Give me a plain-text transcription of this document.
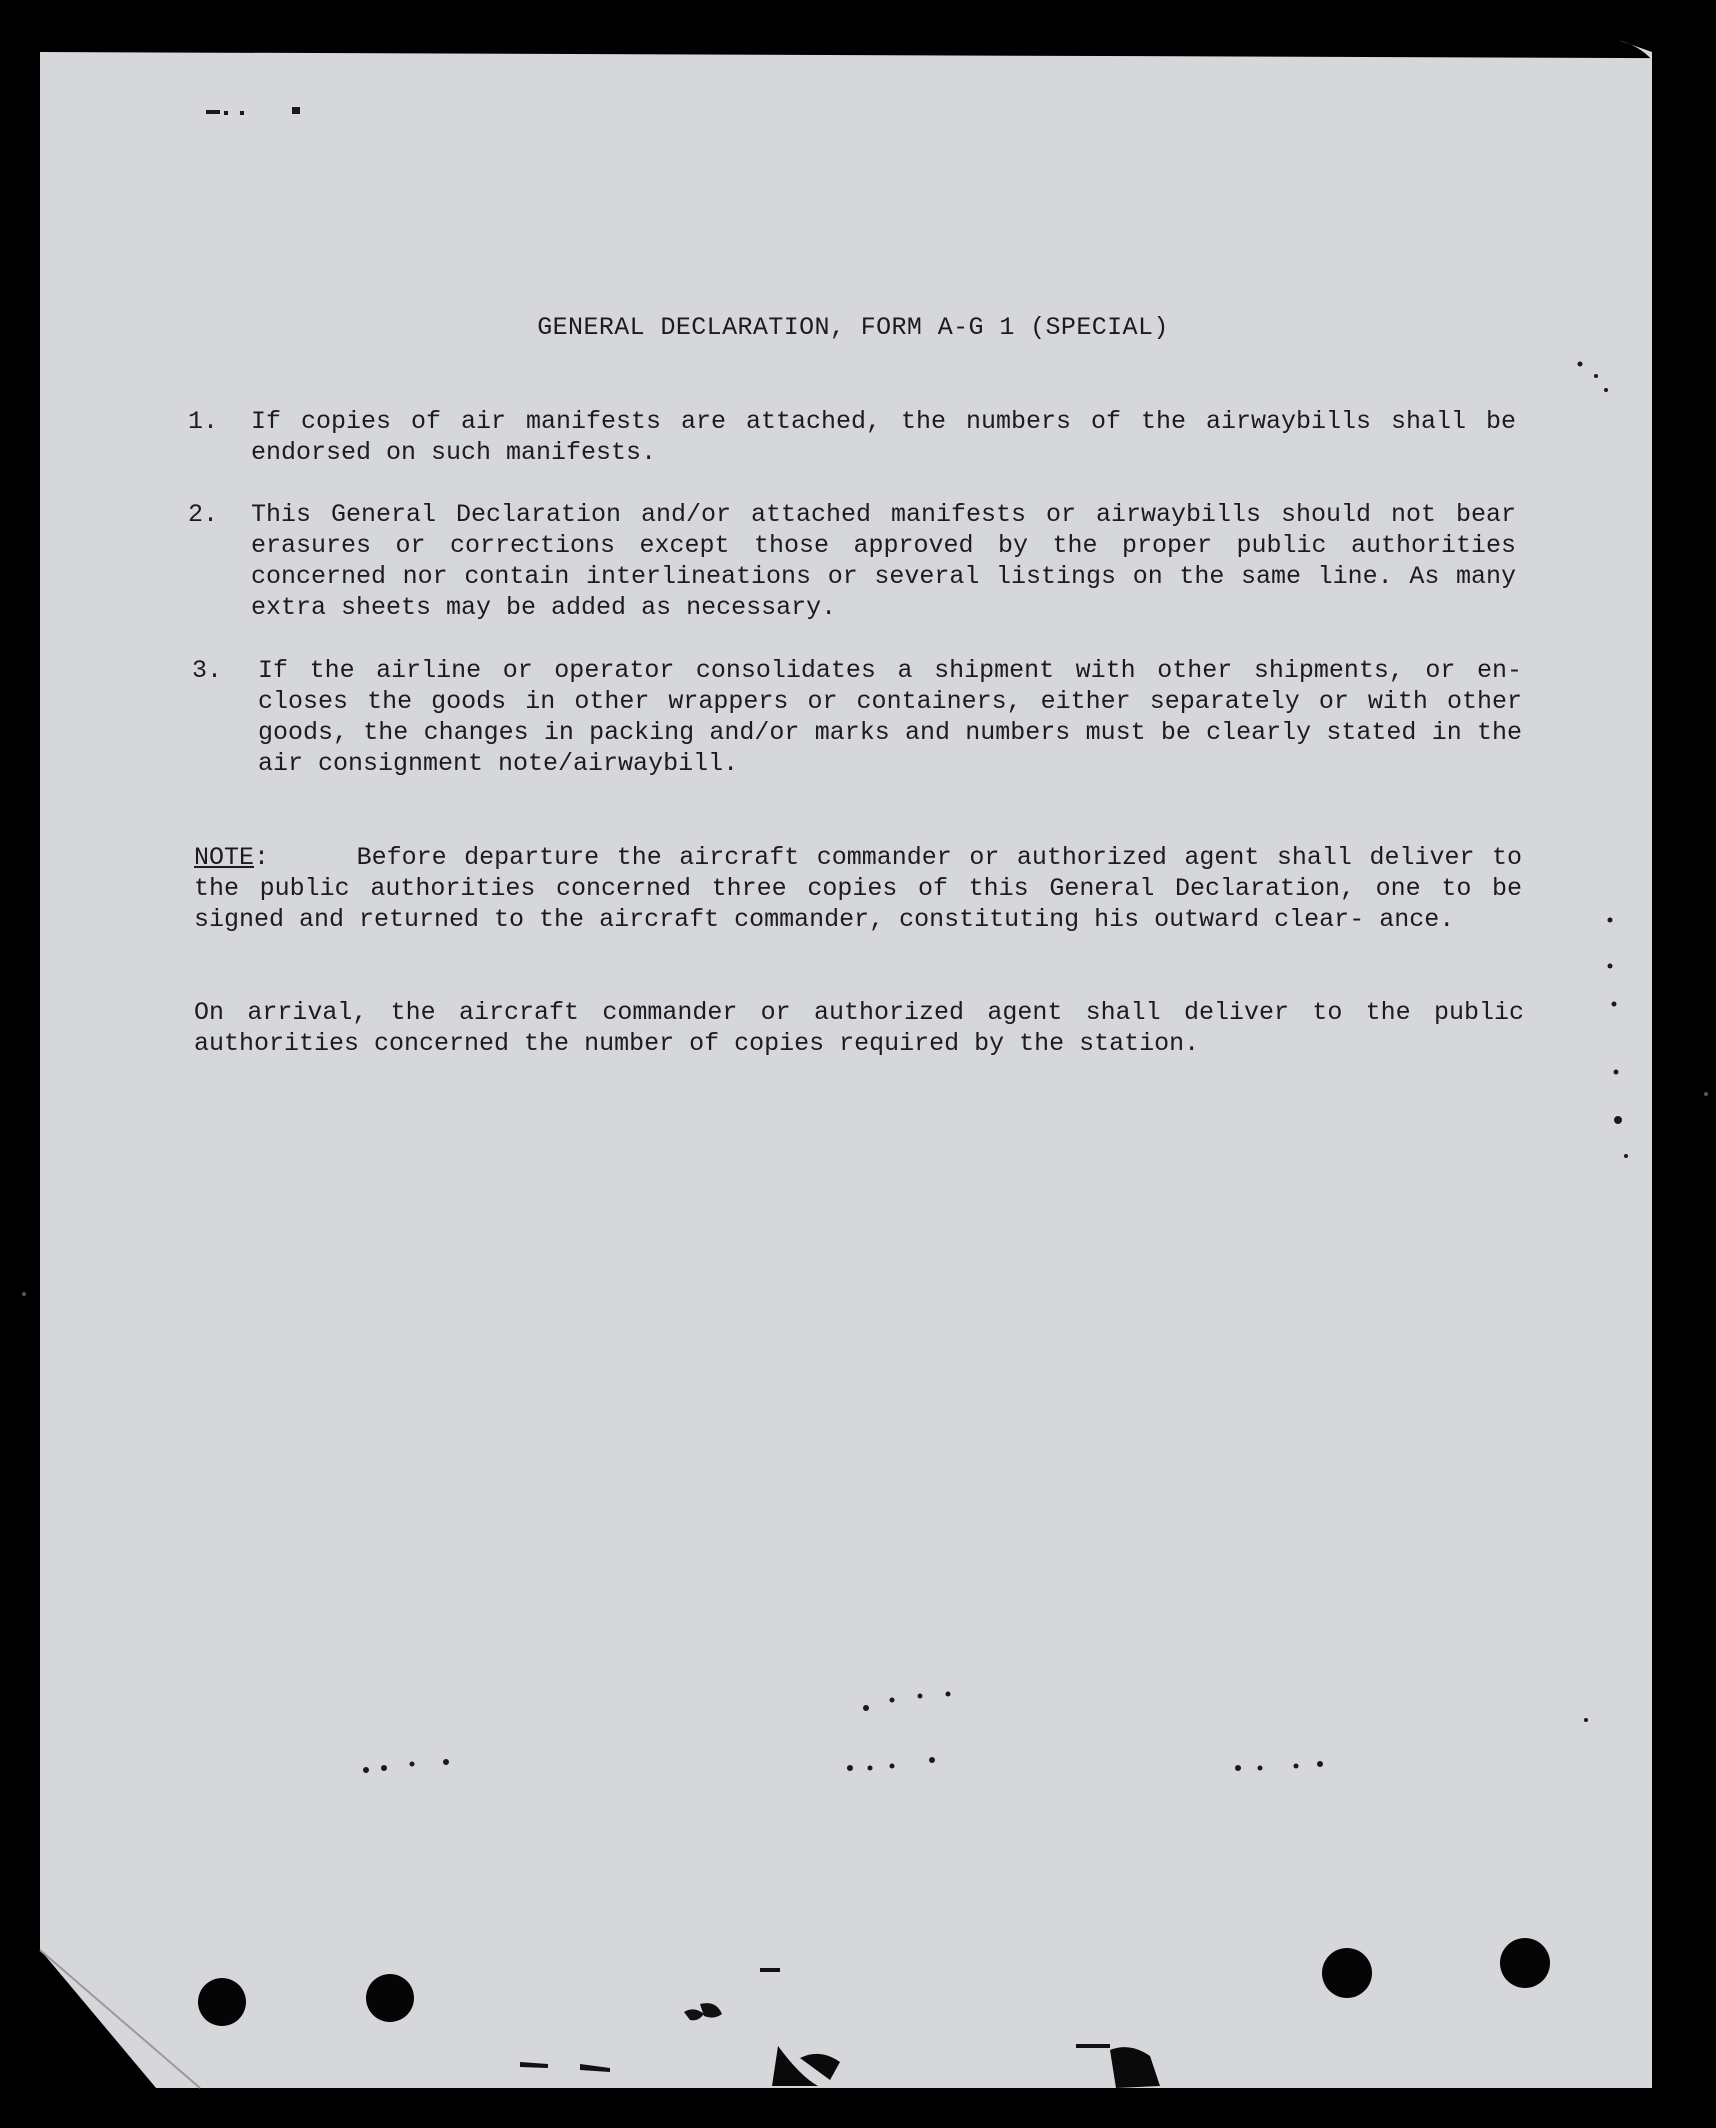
GENERAL DECLARATION, FORM A-G 1 (SPECIAL)
1. If copies of air manifests are attached, the numbers of the airwaybills shall be endorsed on such manifests.

2. This General Declaration and/or attached manifests or airwaybills should not bear erasures or corrections except those approved by the proper public authorities concerned nor contain interlineations or several listings on the same line. As many extra sheets may be added as necessary.

3. If the airline or operator consolidates a shipment with other shipments, or en- closes the goods in other wrappers or containers, either separately or with other goods, the changes in packing and/or marks and numbers must be clearly stated in the air consignment note/airwaybill.

NOTE:     Before departure the aircraft commander or authorized agent shall deliver to the public authorities concerned three copies of this General Declaration, one to be signed and returned to the aircraft commander, constituting his outward clear- ance.

On arrival, the aircraft commander or authorized agent shall deliver to the public authorities concerned the number of copies required by the station.
